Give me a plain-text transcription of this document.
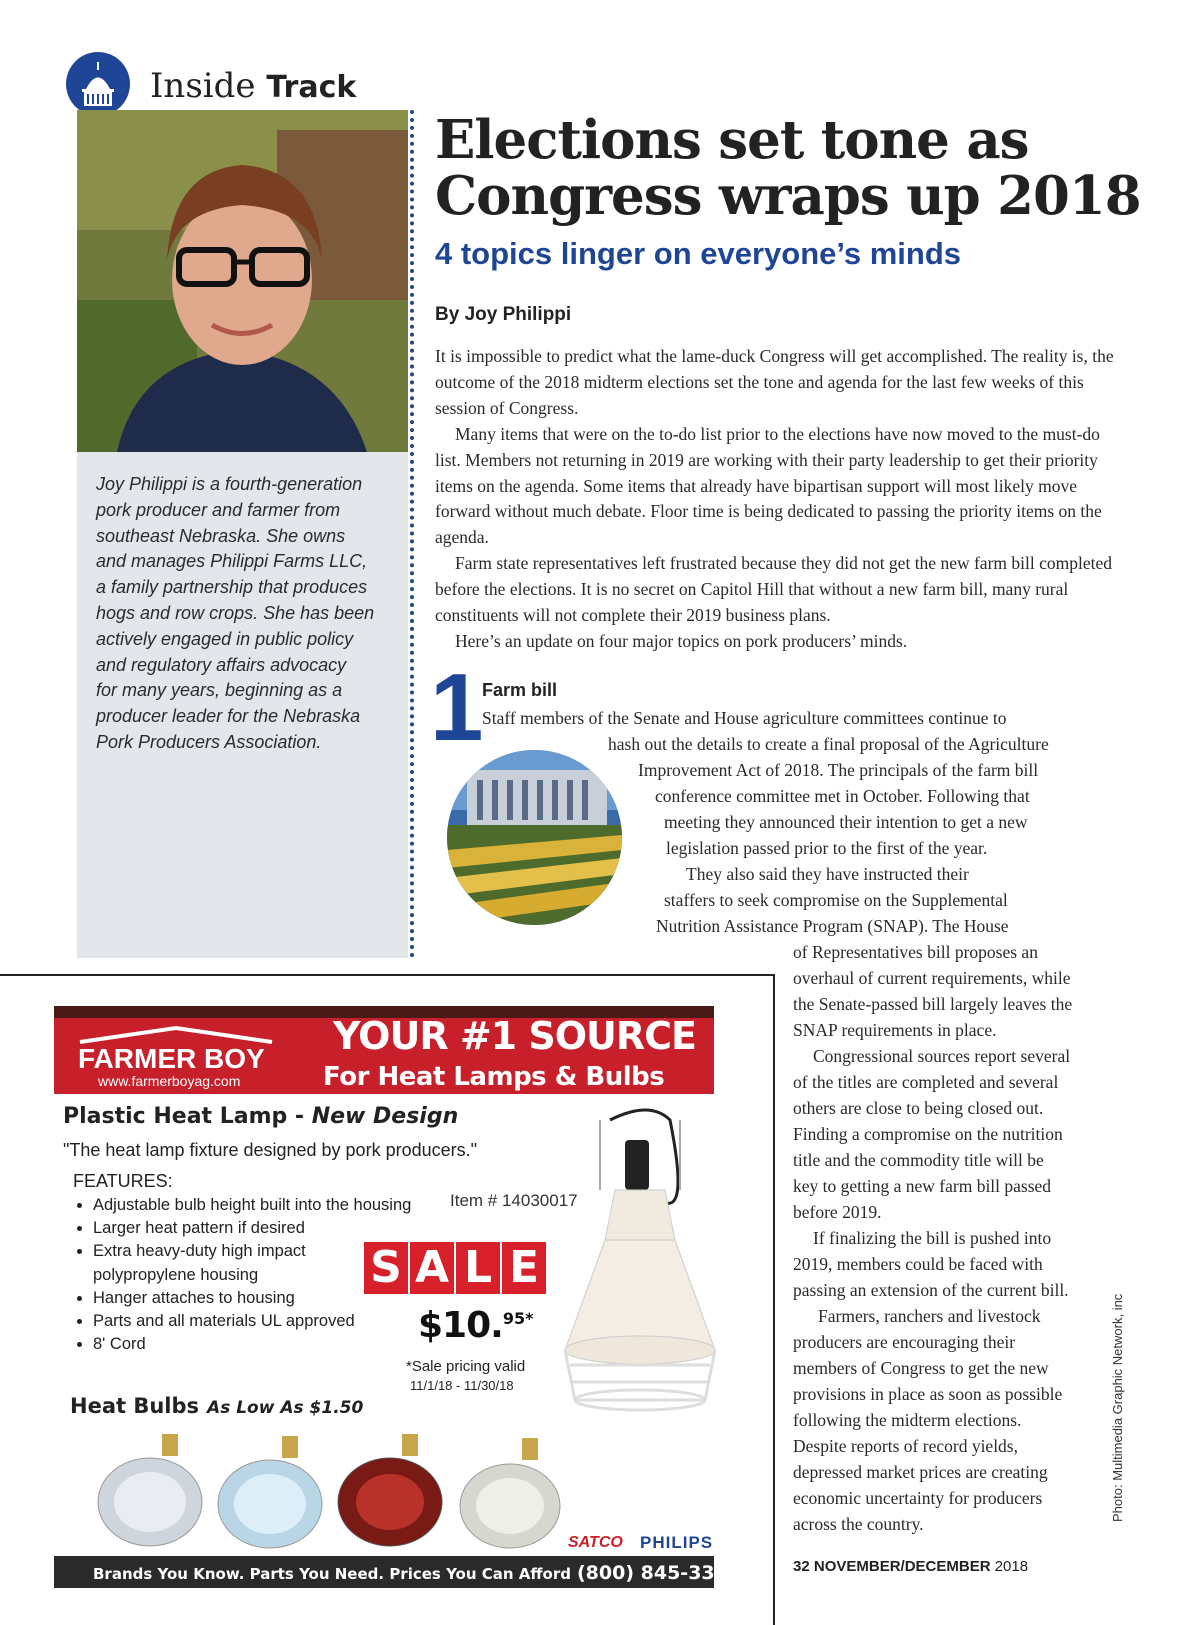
Inside Track
Joy Philippi is a fourth-generation
pork producer and farmer from
southeast Nebraska. She owns
and manages Philippi Farms LLC,
a family partnership that produces
hogs and row crops. She has been
actively engaged in public policy
and regulatory affairs advocacy
for many years, beginning as a
producer leader for the Nebraska
Pork Producers Association.
Elections set tone as
Congress wraps up 2018
4 topics linger on everyone’s minds
By Joy Philippi

It is impossible to predict what the lame-duck Congress will get accomplished. The reality is, the outcome of the 2018 midterm elections set the tone and agenda for the last few weeks of this session of Congress.

Many items that were on the to-do list prior to the elections have now moved to the must-do list. Members not returning in 2019 are working with their party leadership to get their priority items on the agenda. Some items that already have bipartisan support will most likely move forward without much debate. Floor time is being dedicated to passing the priority items on the agenda.

Farm state representatives left frustrated because they did not get the new farm bill completed before the elections. It is no secret on Capitol Hill that without a new farm bill, many rural constituents will not complete their 2019 business plans.

Here’s an update on four major topics on pork producers’ minds.

1
Farm bill
Staff members of the Senate and House agriculture committees continue to
hash out the details to create a final proposal of the Agriculture
Improvement Act of 2018. The principals of the farm bill
conference committee met in October. Following that
meeting they announced their intention to get a new
legislation passed prior to the first of the year.
They also said they have instructed their
staffers to seek compromise on the Supplemental
Nutrition Assistance Program (SNAP). The House
of Representatives bill proposes an
overhaul of current requirements, while
the Senate-passed bill largely leaves the
SNAP requirements in place.
Congressional sources report several
of the titles are completed and several
others are close to being closed out.
Finding a compromise on the nutrition
title and the commodity title will be
key to getting a new farm bill passed
before 2019.
If finalizing the bill is pushed into
2019, members could be faced with
passing an extension of the current bill.
Farmers, ranchers and livestock
producers are encouraging their
members of Congress to get the new
provisions in place as soon as possible
following the midterm elections.
Despite reports of record yields,
depressed market prices are creating
economic uncertainty for producers
across the country.
FARMER BOY
www.farmerboyag.com
YOUR #1 SOURCE
For Heat Lamps & Bulbs
Plastic Heat Lamp - New Design
"The heat lamp fixture designed by pork producers."
FEATURES:
• Adjustable bulb height built into the housing
• Larger heat pattern if desired
• Extra heavy-duty high impact polypropylene housing
• Hanger attaches to housing
• Parts and all materials UL approved
• 8' Cord
Item # 14030017
S A L E
$10.$^{95*}$
*Sale pricing valid
11/1/18 - 11/30/18
Heat Bulbs As Low As $1.50
SATCO PHILIPS
Brands You Know. Parts You Need. Prices You Can Afford (800) 845-3374
Photo: Multimedia Graphic Network, inc
32 NOVEMBER/DECEMBER 2018
